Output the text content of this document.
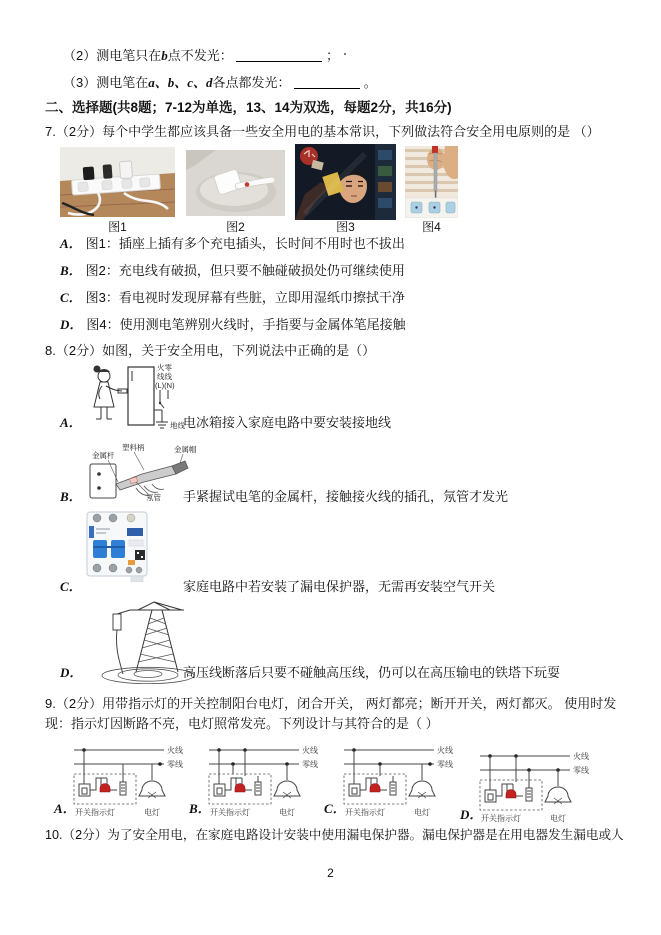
（2）测电笔只在b点不发光：	；
（3）测电笔在a、b、c、d各点都发光：	。
二、选择题(共8题；7-12为单选，13、14为双选，每题2分，共16分)
7.（2分）每个中学生都应该具备一些安全用电的基本常识，下列做法符合安全用电原则的是 （）
图1	图2	图3	图4
A． 图1：插座上插有多个充电插头，长时间不用时也不拔出
B． 图2：充电线有破损，但只要不触碰破损处仍可继续使用
C． 图3：看电视时发现屏幕有些脏，立即用湿纸巾擦拭干净
D． 图4：使用测电笔辨别火线时，手指要与金属体笔尾接触
8.（2分）如图，关于安全用电，下列说法中正确的是（）
火零
线线
(L)(N)
地线
A．	电冰箱接入家庭电路中要安装接地线
塑料柄
金属杆
金属帽
氖管
B．	手紧握试电笔的金属杆，接触接火线的插孔，氖管才发光
C．	家庭电路中若安装了漏电保护器，无需再安装空气开关
D．	高压线断落后只要不碰触高压线，仍可以在高压输电的铁塔下玩耍
9.（2分）用带指示灯的开关控制阳台电灯，闭合开关， 两灯都亮；断开开关，两灯都灭。 使用时发现：指示灯因断路不亮，电灯照常发亮。下列设计与其符合的是（ ）
火线
零线
开关指示灯	电灯
火线
零线
开关指示灯	电灯
火线
零线
开关指示灯	电灯
火线
零线
开关指示灯	电灯
A．	B．	C．	D．
10.（2分）为了安全用电，在家庭电路设计安装中使用漏电保护器。漏电保护器是在用电器发生漏电或人
2
